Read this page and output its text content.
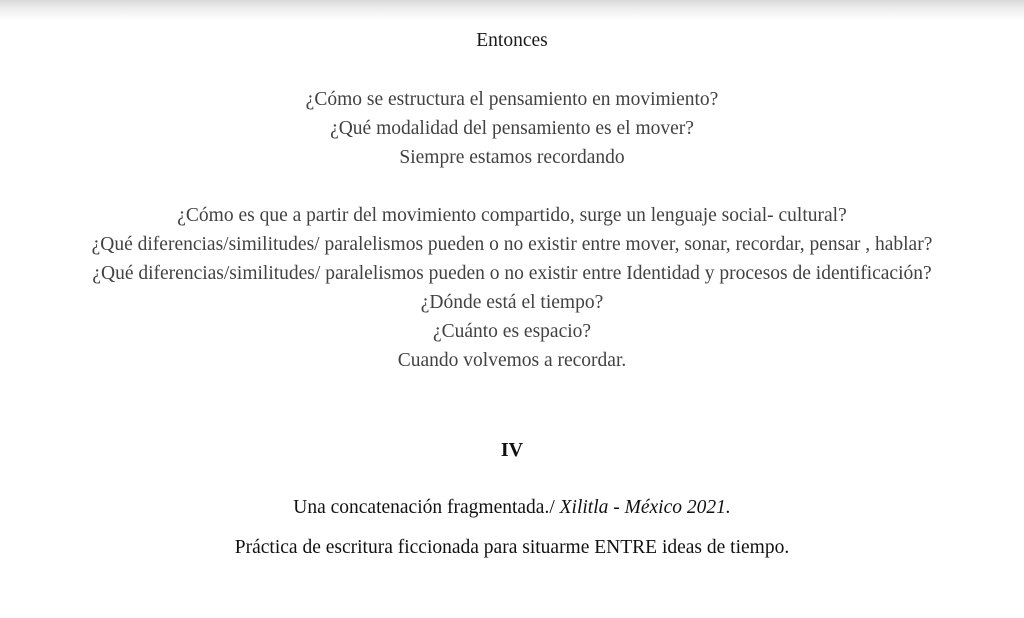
Entonces
¿Cómo se estructura el pensamiento en movimiento?
¿Qué modalidad del pensamiento es el mover?
Siempre estamos recordando
¿Cómo es que a partir del movimiento compartido, surge un lenguaje social- cultural?
¿Qué diferencias/similitudes/ paralelismos pueden o no existir entre mover, sonar, recordar, pensar , hablar?
¿Qué diferencias/similitudes/ paralelismos pueden o no existir entre Identidad y procesos de identificación?
¿Dónde está el tiempo?
¿Cuánto es espacio?
Cuando volvemos a recordar.
IV
Una concatenación fragmentada./ Xilitla - México 2021.
Práctica de escritura ficcionada para situarme ENTRE ideas de tiempo.
